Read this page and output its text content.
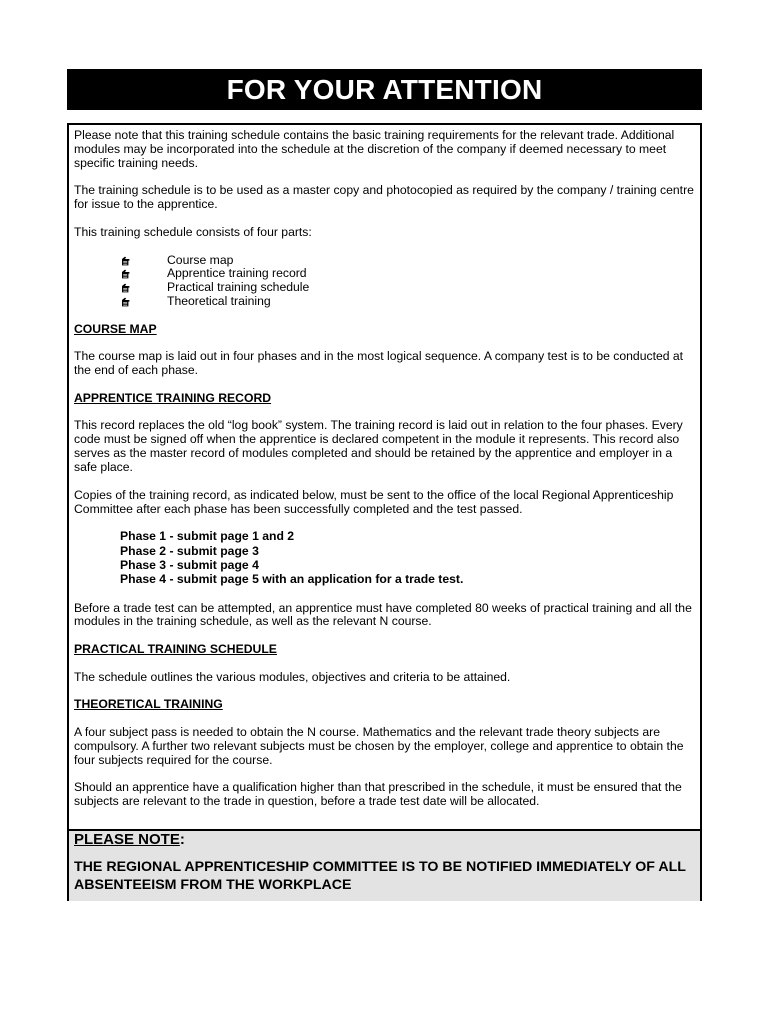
FOR YOUR ATTENTION

Please note that this training schedule contains the basic training requirements for the relevant trade. Additional modules may be incorporated into the schedule at the discretion of the company if deemed necessary to meet specific training needs.

The training schedule is to be used as a master copy and photocopied as required by the company / training centre for issue to the apprentice.

This training schedule consists of four parts:

Course map
Apprentice training record
Practical training schedule
Theoretical training
COURSE MAP

The course map is laid out in four phases and in the most logical sequence. A company test is to be conducted at the end of each phase.

APPRENTICE TRAINING RECORD

This record replaces the old “log book” system. The training record is laid out in relation to the four phases. Every code must be signed off when the apprentice is declared competent in the module it represents. This record also serves as the master record of modules completed and should be retained by the apprentice and employer in a safe place.

Copies of the training record, as indicated below, must be sent to the office of the local Regional Apprenticeship Committee after each phase has been successfully completed and the test passed.

Phase 1 - submit page 1 and 2
Phase 2 - submit page 3
Phase 3 - submit page 4
Phase 4 - submit page 5 with an application for a trade test.

Before a trade test can be attempted, an apprentice must have completed 80 weeks of practical training and all the modules in the training schedule, as well as the relevant N course.

PRACTICAL TRAINING SCHEDULE

The schedule outlines the various modules, objectives and criteria to be attained.

THEORETICAL TRAINING

A four subject pass is needed to obtain the N course. Mathematics and the relevant trade theory subjects are compulsory. A further two relevant subjects must be chosen by the employer, college and apprentice to obtain the four subjects required for the course.

Should an apprentice have a qualification higher than that prescribed in the schedule, it must be ensured that the subjects are relevant to the trade in question, before a trade test date will be allocated.

PLEASE NOTE:
THE REGIONAL APPRENTICESHIP COMMITTEE IS TO BE NOTIFIED IMMEDIATELY OF ALL ABSENTEEISM FROM THE WORKPLACE
